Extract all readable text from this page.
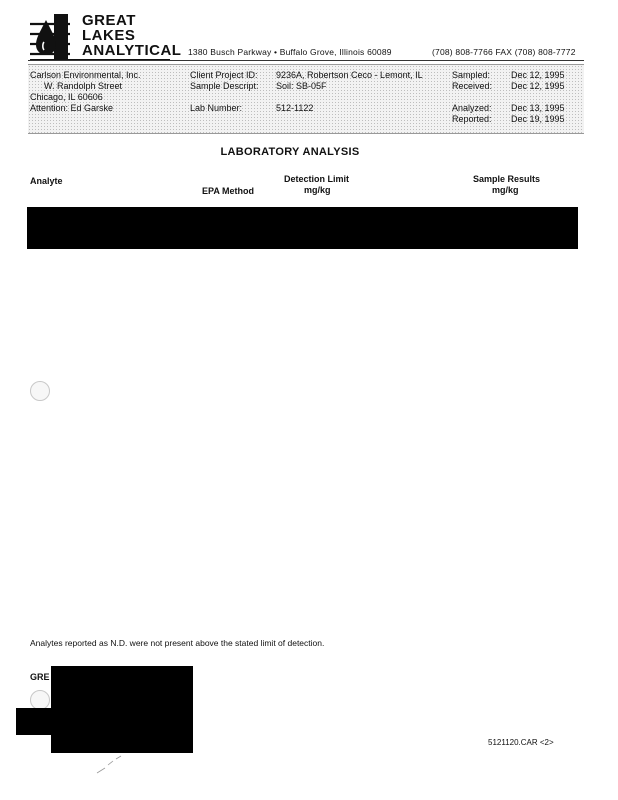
GREAT
LAKES
ANALYTICAL 1380 Busch Parkway • Buffalo Grove, Illinois 60089	(708) 808-7766 FAX (708) 808-7772
Carlson Environmental, Inc.
W. Randolph Street
Chicago, IL 60606
Attention: Ed Garske
Client Project ID: 9236A, Robertson Ceco - Lemont, IL
Sample Descript: Soil: SB-05F
Lab Number:	512-1122
Sampled: Dec 12, 1995
Received: Dec 12, 1995
Analyzed: Dec 13, 1995
Reported: Dec 19, 1995
LABORATORY ANALYSIS
Analyte
EPA Method
Detection Limit
mg/kg
Sample Results
mg/kg
Analytes reported as N.D. were not present above the stated limit of detection.
GRE
5121120.CAR <2>
